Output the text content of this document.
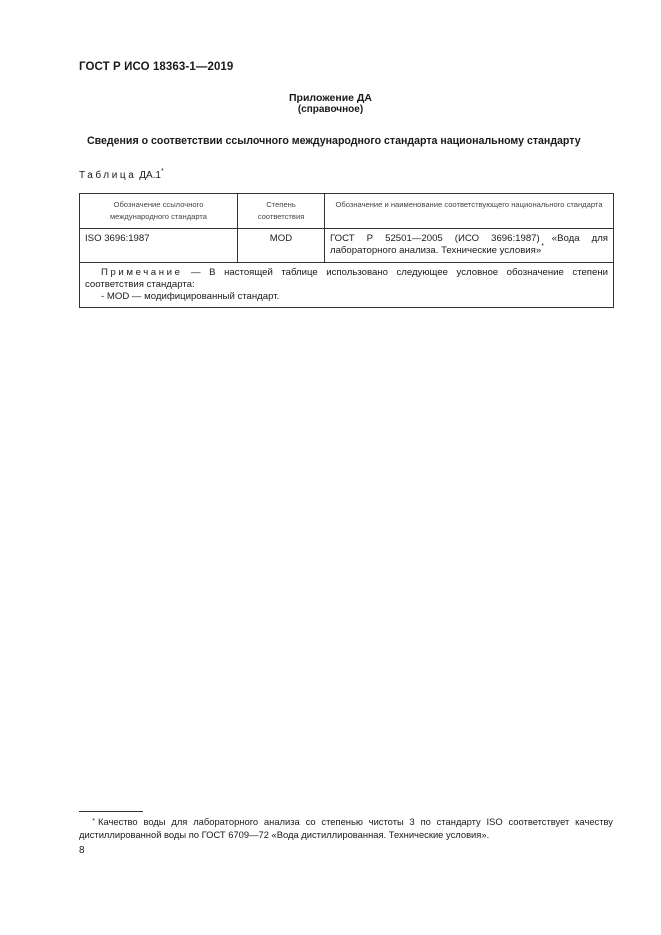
ГОСТ Р ИСО 18363-1—2019
Приложение ДА
(справочное)
Сведения о соответствии ссылочного международного стандарта национальному стандарту
Таблица ДА.1*
Обозначение ссылочного международного стандарта	Степень соответствия	Обозначение и наименование соответствующего национального стандарта
ISO 3696:1987	MOD	ГОСТ Р 52501—2005 (ИСО 3696:1987) «Вода для лабораторного анализа. Технические условия»*

Примечание — В настоящей таблице использовано следующее условное обозначение степени соответствия стандарта:
- MOD — модифицированный стандарт.		
* Качество воды для лабораторного анализа со степенью чистоты 3 по стандарту ISO соответствует качеству дистиллированной воды по ГОСТ 6709—72 «Вода дистиллированная. Технические условия».
8
